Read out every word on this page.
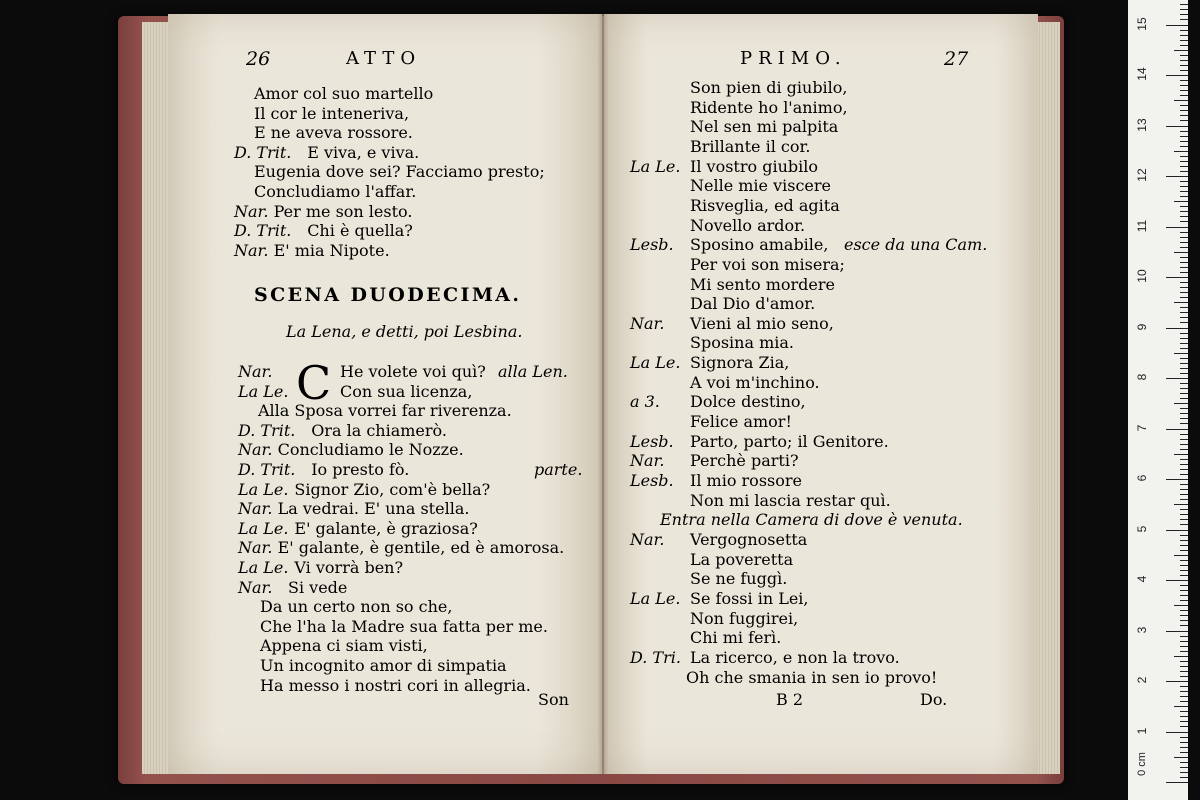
26	ATTO
Amor col suo martello
Il cor le inteneriva,
E ne aveva rossore.
D. Trit. E viva, e viva.
Eugenia dove sei? Facciamo presto;
Concludiamo l'affar.
Nar. Per me son lesto.
D. Trit. Chi è quella?
Nar. E' mia Nipote.
SCENA DUODECIMA.
La Lena, e detti, poi Lesbina.
C
Nar.	He volete voi quì? alla Len.
La Le.	Con sua licenza,
Alla Sposa vorrei far riverenza.
D. Trit. Ora la chiamerò.
Nar. Concludiamo le Nozze.
D. Trit. Io presto fò.	parte.
La Le. Signor Zio, com'è bella?
Nar. La vedrai. E' una stella.
La Le. E' galante, è graziosa?
Nar. E' galante, è gentile, ed è amorosa.
La Le. Vi vorrà ben?
Nar. Si vede
Da un certo non so che,
Che l'ha la Madre sua fatta per me.
Appena ci siam visti,
Un incognito amor di simpatia
Ha messo i nostri cori in allegria.
Son
PRIMO.	27
Son pien di giubilo,
Ridente ho l'animo,
Nel sen mi palpita
Brillante il cor.
La Le. Il vostro giubilo
Nelle mie viscere
Risveglia, ed agita
Novello ardor.
Lesb. Sposino amabile, esce da una Cam.
Per voi son misera;
Mi sento mordere
Dal Dio d'amor.
Nar. Vieni al mio seno,
Sposina mia.
La Le. Signora Zia,
A voi m'inchino.
a 3. Dolce destino,
Felice amor!
Lesb. Parto, parto; il Genitore.
Nar. Perchè parti?
Lesb. Il mio rossore
Non mi lascia restar quì.
Entra nella Camera di dove è venuta.
Nar. Vergognosetta
La poveretta
Se ne fuggì.
La Le. Se fossi in Lei,
Non fuggirei,
Chi mi ferì.
D. Tri. La ricerco, e non la trovo.
Oh che smania in sen io provo!
B 2	Do.
0 cm
15
14
13
12
11
10
9
8
7
6
5
4
3
2
1
